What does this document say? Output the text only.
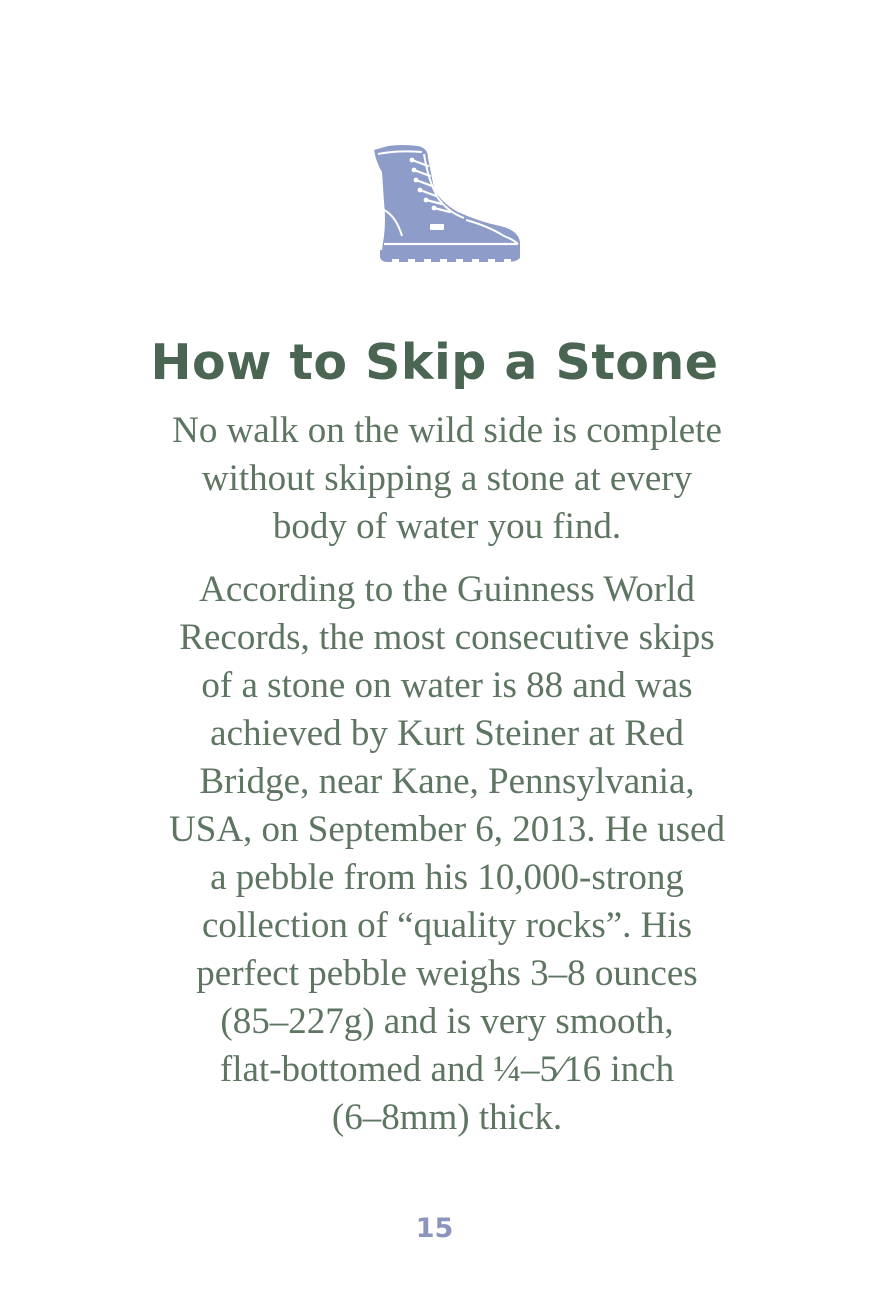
How to Skip a Stone

No walk on the wild side is complete
without skipping a stone at every
body of water you find.

According to the Guinness World
Records, the most consecutive skips
of a stone on water is 88 and was
achieved by Kurt Steiner at Red
Bridge, near Kane, Pennsylvania,
USA, on September 6, 2013. He used
a pebble from his 10,000-strong
collection of “quality rocks”. His
perfect pebble weighs 3–8 ounces
(85–227g) and is very smooth,
flat-bottomed and ¼–5⁄16 inch
(6–8mm) thick.

15
